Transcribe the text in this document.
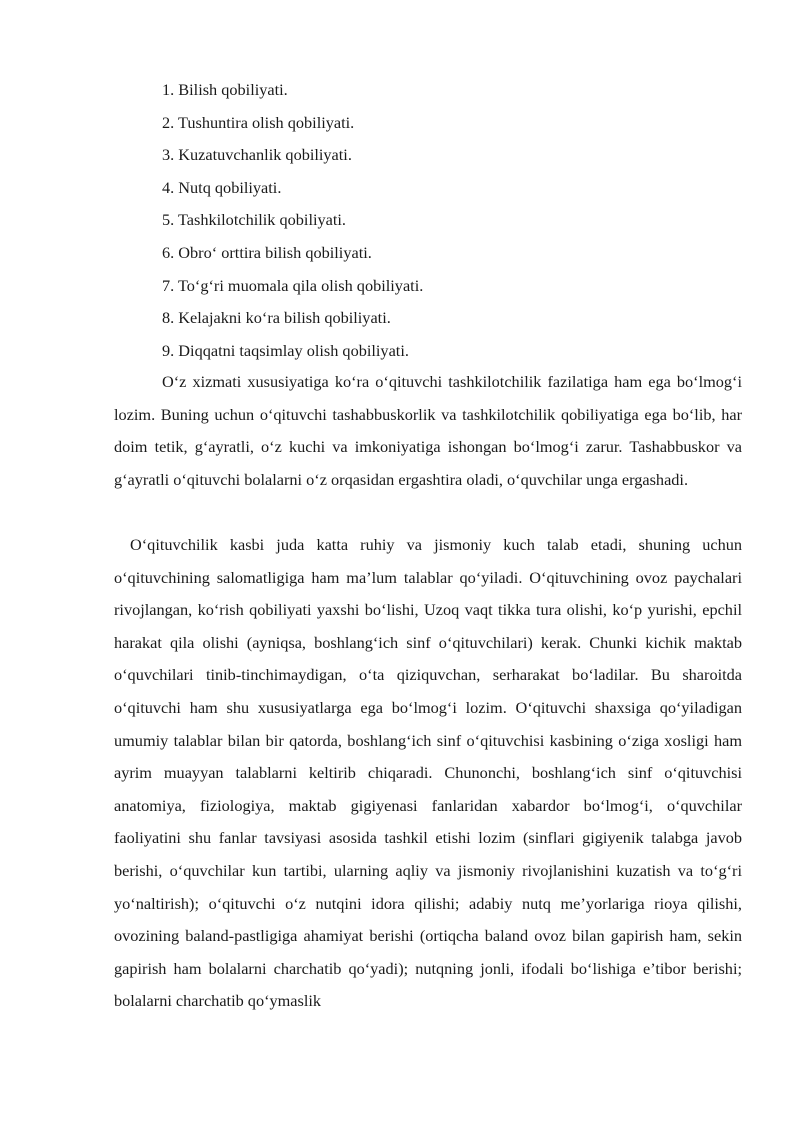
1. Bilish qobiliyati.
2. Tushuntira olish qobiliyati.
3. Kuzatuvchanlik qobiliyati.
4. Nutq qobiliyati.
5. Tashkilotchilik qobiliyati.
6. Obro‘ orttira bilish qobiliyati.
7. To‘g‘ri muomala qila olish qobiliyati.
8. Kelajakni ko‘ra bilish qobiliyati.
9. Diqqatni taqsimlay olish qobiliyati.

O‘z xizmati xususiyatiga ko‘ra o‘qituvchi tashkilotchilik fazilatiga ham ega bo‘lmog‘i lozim. Buning uchun o‘qituvchi tashabbuskorlik va tashkilotchilik qobiliyatiga ega bo‘lib, har doim tetik, g‘ayratli, o‘z kuchi va imkoniyatiga ishongan bo‘lmog‘i zarur. Tashabbuskor va g‘ayratli o‘qituvchi bolalarni o‘z orqasidan ergashtira oladi, o‘quvchilar unga ergashadi.

O‘qituvchilik kasbi juda katta ruhiy va jismoniy kuch talab etadi, shuning uchun o‘qituvchining salomatligiga ham ma’lum talablar qo‘yiladi. O‘qituvchining ovoz paychalari rivojlangan, ko‘rish qobiliyati yaxshi bo‘lishi, Uzoq vaqt tikka tura olishi, ko‘p yurishi, epchil harakat qila olishi (ayniqsa, boshlang‘ich sinf o‘qituvchilari) kerak. Chunki kichik maktab o‘quvchilari tinib-tinchimaydigan, o‘ta qiziquvchan, serharakat bo‘ladilar. Bu sharoitda o‘qituvchi ham shu xususiyatlarga ega bo‘lmog‘i lozim. O‘qituvchi shaxsiga qo‘yiladigan umumiy talablar bilan bir qatorda, boshlang‘ich sinf o‘qituvchisi kasbining o‘ziga xosligi ham ayrim muayyan talablarni keltirib chiqaradi. Chunonchi, boshlang‘ich sinf o‘qituvchisi anatomiya, fiziologiya, maktab gigiyenasi fanlaridan xabardor bo‘lmog‘i, o‘quvchilar faoliyatini shu fanlar tavsiyasi asosida tashkil etishi lozim (sinflari gigiyenik talabga javob berishi, o‘quvchilar kun tartibi, ularning aqliy va jismoniy rivojlanishini kuzatish va to‘g‘ri yo‘naltirish); o‘qituvchi o‘z nutqini idora qilishi; adabiy nutq me’yorlariga rioya qilishi, ovozining baland-pastligiga ahamiyat berishi (ortiqcha baland ovoz bilan gapirish ham, sekin gapirish ham bolalarni charchatib qo‘yadi); nutqning jonli, ifodali bo‘lishiga e’tibor berishi; bolalarni charchatib qo‘ymaslik
